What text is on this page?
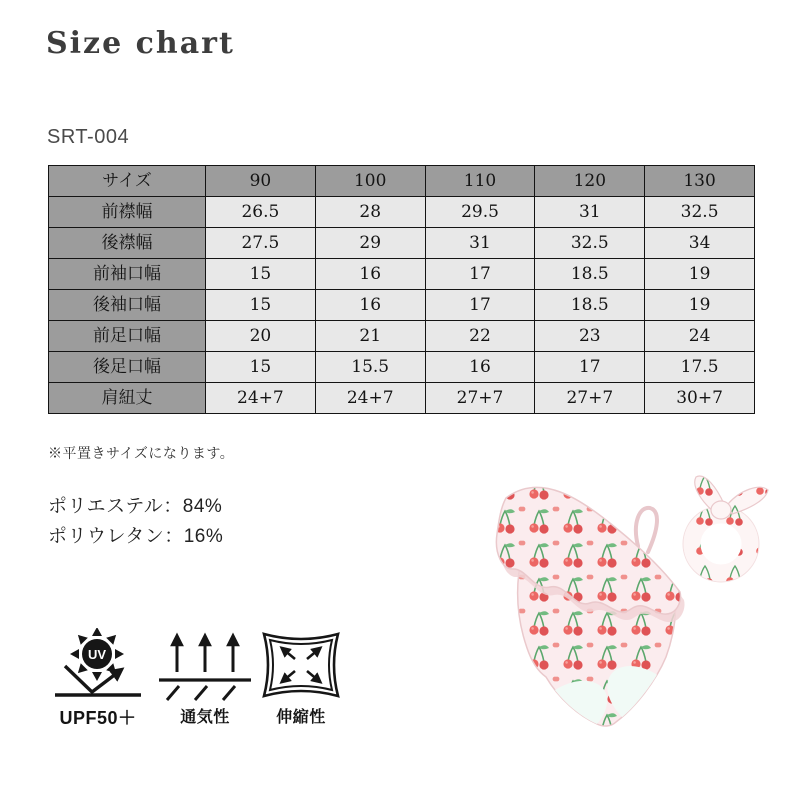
Size chart
SRT-004
サイズ	90	100	110	120	130
前襟幅	26.5	28	29.5	31	32.5
後襟幅	27.5	29	31	32.5	34
前袖口幅	15	16	17	18.5	19
後袖口幅	15	16	17	18.5	19
前足口幅	20	21	22	23	24
後足口幅	15	15.5	16	17	17.5
肩紐丈	24+7	24+7	27+7	27+7	30+7
※平置きサイズになります。
ポリエステル：84%
ポリウレタン：16%
UV
UPF50＋	通気性	伸縮性
